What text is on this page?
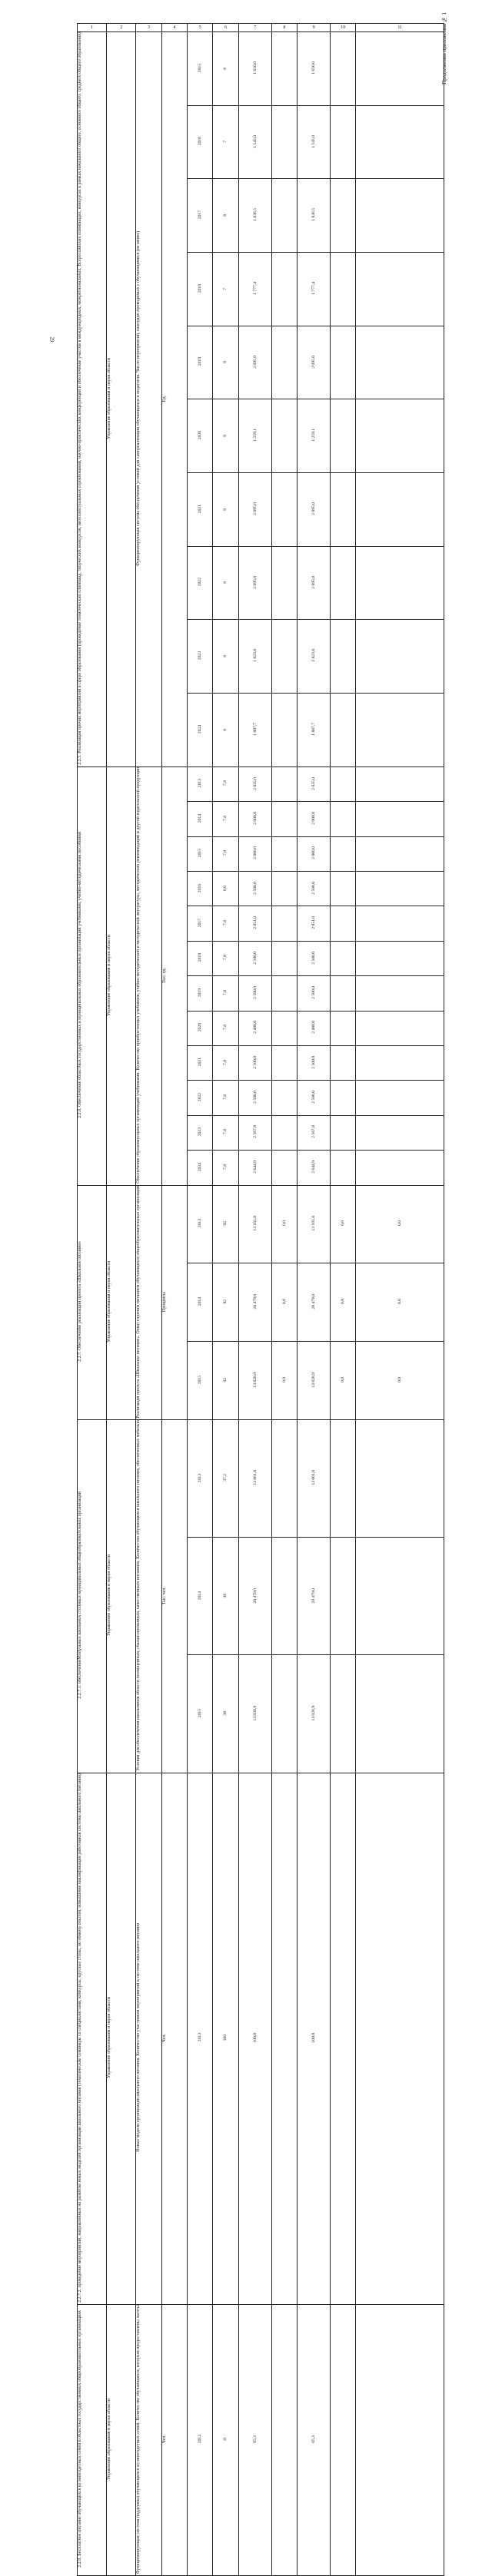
29
Продолжение приложения № 1
1	2	3	4	5	6	7	8	9	10	11
2.2.5. Реализация прочих мероприятий в сфере образования (проведение тематических олимпиад, творческих конкурсов, интеллектуальных соревнований, научно-практических конференций и обеспечение участия в международных, межрегиональных, Всероссийских олимпиадах, конкурсах в рамках начального общего, основного общего, среднего общего образования)	Управление образования и науки области	Функционирующая система обеспечения условий для самореализации обучающихся и педагогов. Число мероприятий, ежегодно проводимых с обучающимися (не менее)	Ед.	2015	8	1 650,0		1 650,0		
				2016	7	1 545,0		1 545,0		
				2017	8	1 836,5		1 836,5		
				2018	7	1 777,4		1 777,4		
				2019	8	2 095,0		2 095,0		
				2020	8	1 259,1		1 259,1		
				2021	8	2 095,0		2 095,0		
				2022	8	2 095,0		2 095,0		
				2023	8	1 823,8		1 823,8		
				2024	8	1 887,7		1 887,7		
2.2.6. Обеспечение областных государственных и муниципальных образовательных организаций учебниками, учебно-методическими пособиями	Управление образования и науки области	Обеспечение образовательных организаций учебниками. Количество приобретенных учебников, учебно-методической и методической литературы, методических рекомендаций и другой издательской продукции	Тыс. ед.	2013	7,8	2 035,0		2 035,0		
				2014	7,8	2 000,0		2 000,0		
				2015	7,8	2 000,0		2 000,0		
				2016	8,6	2 500,0		2 500,0		
				2017	7,8	2 051,0		2 051,0		
				2018	7,8	2 500,0		2 500,0		
				2019	7,8	2 500,0		2 500,0		
				2020	7,8	2 480,0		2 480,0		
				2021	7,8	2 500,0		2 500,0		
				2022	7,8	2 500,0		2 500,0		
				2023	7,8	2 567,8		2 567,8		
				2024	7,8	2 644,9		2 644,9		
2.2.7. Обеспечение реализации проекта «Школьное питание»	Управление образования и науки области	Реализация проекта «Школьное питание». Охват горячим питанием обучающихся общеобразовательных организаций	Проценты	2013	92	13 161,8	0,0	13 161,8	0,0	0,0
				2014	92	20 479,0	0,0	20 479,0	0,0	0,0
				2015	92	13 028,9	0,0	13 028,9	0,0	0,0
2.2.7.1. обеспечениеModульных школьных столовых муниципальных общеобразовательных организаций	Управление образования и науки области	Условия для обеспечения школьников области полноценным, сбалансированным, качественным питанием. Количество обучающихся школьного питания, обеспеченных мебелью	Тыс. чел.	2013	37,2	13 061,8		13 061,8		
				2014	38	20 479,0		20 479,0		
				2015	38	13 028,9		13 028,9		
2.2.7.2. проведение мероприятий, направленных на развитие новых моделей организации школьного питания (тематические семинары со специалистами, конкурсы, круглые столы, по обмену опытом, повышение квалификации работников системы школьного питания)	Управление образования и науки области	Новые модели организации школьного питания. Количество участников мероприятий в системе школьного питания	Чел.	2013	160	100,0		100,0		
2.2.8. Бесплатное питание обучающихся из многодетных семей в областных государственных общеобразовательных организациях	Управление образования и науки области	Функционирующая система поддержки обучающихся из многодетных семей. Количество обучающихся, которым предоставлены льготы	Чел.	2013	11	65,3		65,3		
